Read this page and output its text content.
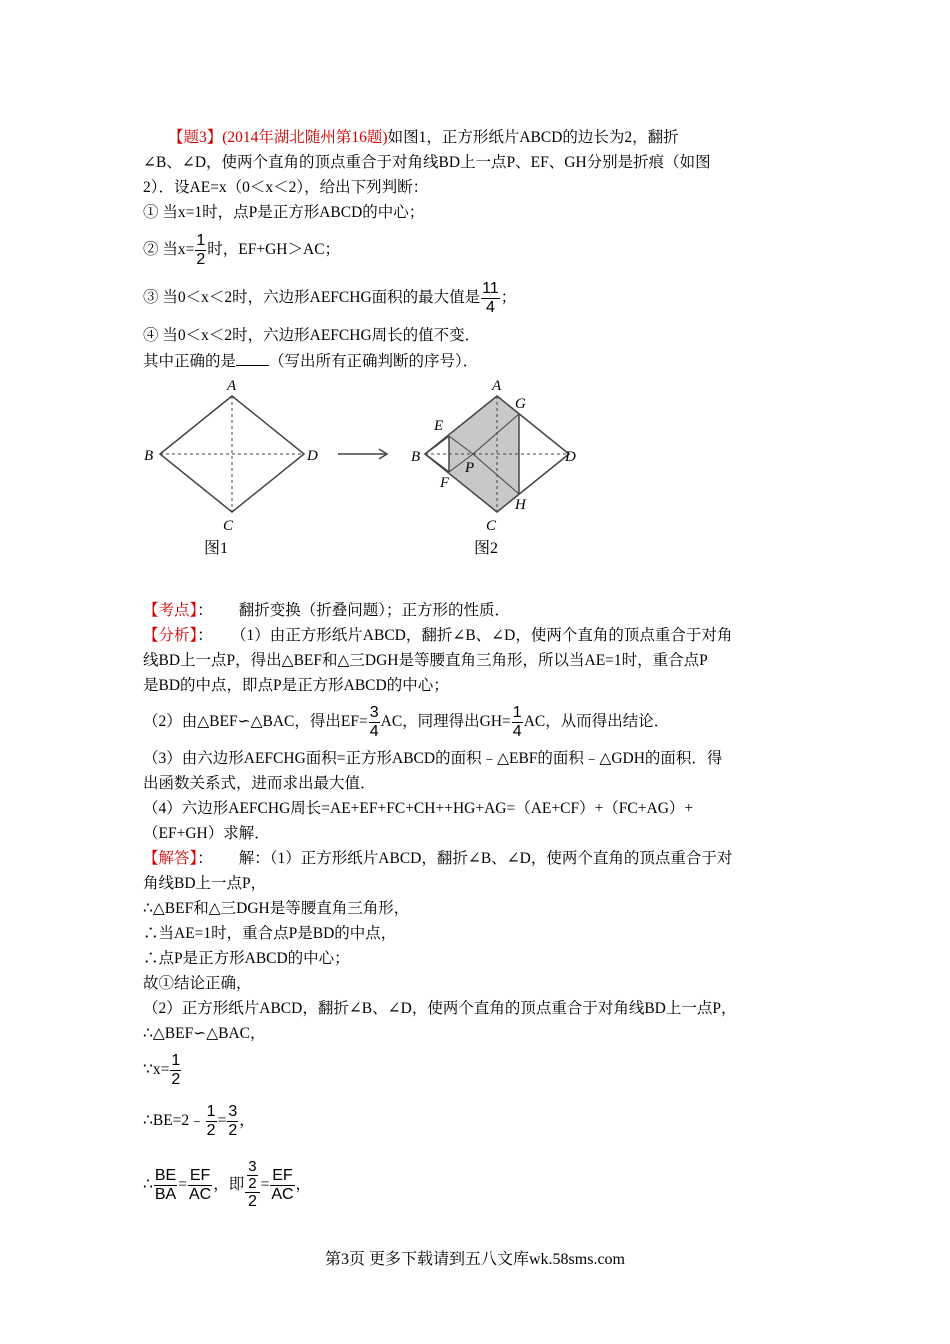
【题3】(2014年湖北随州第16题)如图1，正方形纸片ABCD的边长为2，翻折
∠B、∠D，使两个直角的顶点重合于对角线BD上一点P、EF、GH分别是折痕（如图
2）．设AE=x（0＜x＜2），给出下列判断：
① 当x=1时，点P是正方形ABCD的中心；
② 当$x= \frac{1}{2}$ 时，EF+GH＞AC；
③ 当0＜x＜2时，六边形AEFCHG面积的最大值是 $\frac{11}{4}$ ；
④ 当0＜x＜2时，六边形AEFCHG周长的值不变．
其中正确的是 （写出所有正确判断的序号）．
A
B
C
D
图1
A
B
C
D
E
F
G
H
P
图2
【考点】： 翻折变换（折叠问题）；正方形的性质．
【分析】： （1）由正方形纸片ABCD，翻折∠B、∠D，使两个直角的顶点重合于对角
线BD上一点P，得出△BEF和△三DGH是等腰直角三角形，所以当AE=1时，重合点P
是BD的中点，即点P是正方形ABCD的中心；
（2）由△BEF∽△BAC，得出$EF= \frac{3}{4}$ AC，同理得出$GH= \frac{1}{4}$ AC，从而得出结论．
（3）由六边形AEFCHG面积=正方形ABCD的面积﹣△EBF的面积﹣△GDH的面积．得
出函数关系式，进而求出最大值．
（4）六边形AEFCHG周长=AE+EF+FC+CH++HG+AG=（AE+CF）+（FC+AG）+
（EF+GH）求解．
【解答】： 解：（1）正方形纸片ABCD，翻折∠B、∠D，使两个直角的顶点重合于对
角线BD上一点P，
∴△BEF和△三DGH是等腰直角三角形，
∴当AE=1时，重合点P是BD的中点，
∴点P是正方形ABCD的中心；
故①结论正确，
（2）正方形纸片ABCD，翻折∠B、∠D，使两个直角的顶点重合于对角线BD上一点P，
∴△BEF∽△BAC，
∵x= $\frac{1}{2}$
∴BE=2﹣ $\frac{1}{2} = \frac{3}{2}$ ，
∴ $\frac{BE}{BA} = \frac{EF}{AC}$ ，即 $\frac{\frac{3}{2}}{2} = \frac{EF}{AC}$ ，
第3页 更多下载请到五八文库wk.58sms.com
